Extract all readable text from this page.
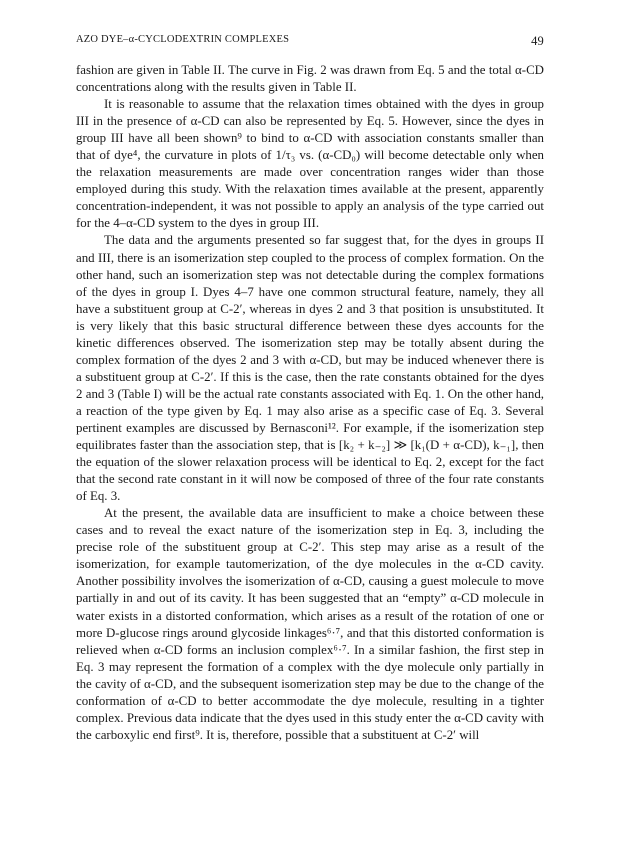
AZO DYE–α-CYCLODEXTRIN COMPLEXES	49

fashion are given in Table II. The curve in Fig. 2 was drawn from Eq. 5 and the total α-CD concentrations along with the results given in Table II.

It is reasonable to assume that the relaxation times obtained with the dyes in group III in the presence of α-CD can also be represented by Eq. 5. However, since the dyes in group III have all been shown⁹ to bind to α-CD with association constants smaller than that of dye⁴, the curvature in plots of 1/τ₃ vs. (α-CD₀) will become detectable only when the relaxation measurements are made over concentration ranges wider than those employed during this study. With the relaxation times available at the present, apparently concentration-independent, it was not possible to apply an analysis of the type carried out for the 4–α-CD system to the dyes in group III.

The data and the arguments presented so far suggest that, for the dyes in groups II and III, there is an isomerization step coupled to the process of complex formation. On the other hand, such an isomerization step was not detectable during the complex formations of the dyes in group I. Dyes 4–7 have one common structural feature, namely, they all have a substituent group at C-2′, whereas in dyes 2 and 3 that position is unsubstituted. It is very likely that this basic structural difference between these dyes accounts for the kinetic differences observed. The isomerization step may be totally absent during the complex formation of the dyes 2 and 3 with α-CD, but may be induced whenever there is a substituent group at C-2′. If this is the case, then the rate constants obtained for the dyes 2 and 3 (Table I) will be the actual rate constants associated with Eq. 1. On the other hand, a reaction of the type given by Eq. 1 may also arise as a specific case of Eq. 3. Several pertinent examples are discussed by Bernasconi¹². For example, if the isomerization step equilibrates faster than the association step, that is [k₂ + k₋₂] ≫ [k₁(D + α-CD), k₋₁], then the equation of the slower relaxation process will be identical to Eq. 2, except for the fact that the second rate constant in it will now be composed of three of the four rate constants of Eq. 3.

At the present, the available data are insufficient to make a choice between these cases and to reveal the exact nature of the isomerization step in Eq. 3, including the precise role of the substituent group at C-2′. This step may arise as a result of the isomerization, for example tautomerization, of the dye molecules in the α-CD cavity. Another possibility involves the isomerization of α-CD, causing a guest molecule to move partially in and out of its cavity. It has been suggested that an “empty” α-CD molecule in water exists in a distorted conformation, which arises as a result of the rotation of one or more D-glucose rings around glycoside linkages⁶·⁷, and that this distorted conformation is relieved when α-CD forms an inclusion complex⁶·⁷. In a similar fashion, the first step in Eq. 3 may represent the formation of a complex with the dye molecule only partially in the cavity of α-CD, and the subsequent isomerization step may be due to the change of the conformation of α-CD to better accommodate the dye molecule, resulting in a tighter complex. Previous data indicate that the dyes used in this study enter the α-CD cavity with the carboxylic end first⁹. It is, therefore, possible that a substituent at C-2′ will
